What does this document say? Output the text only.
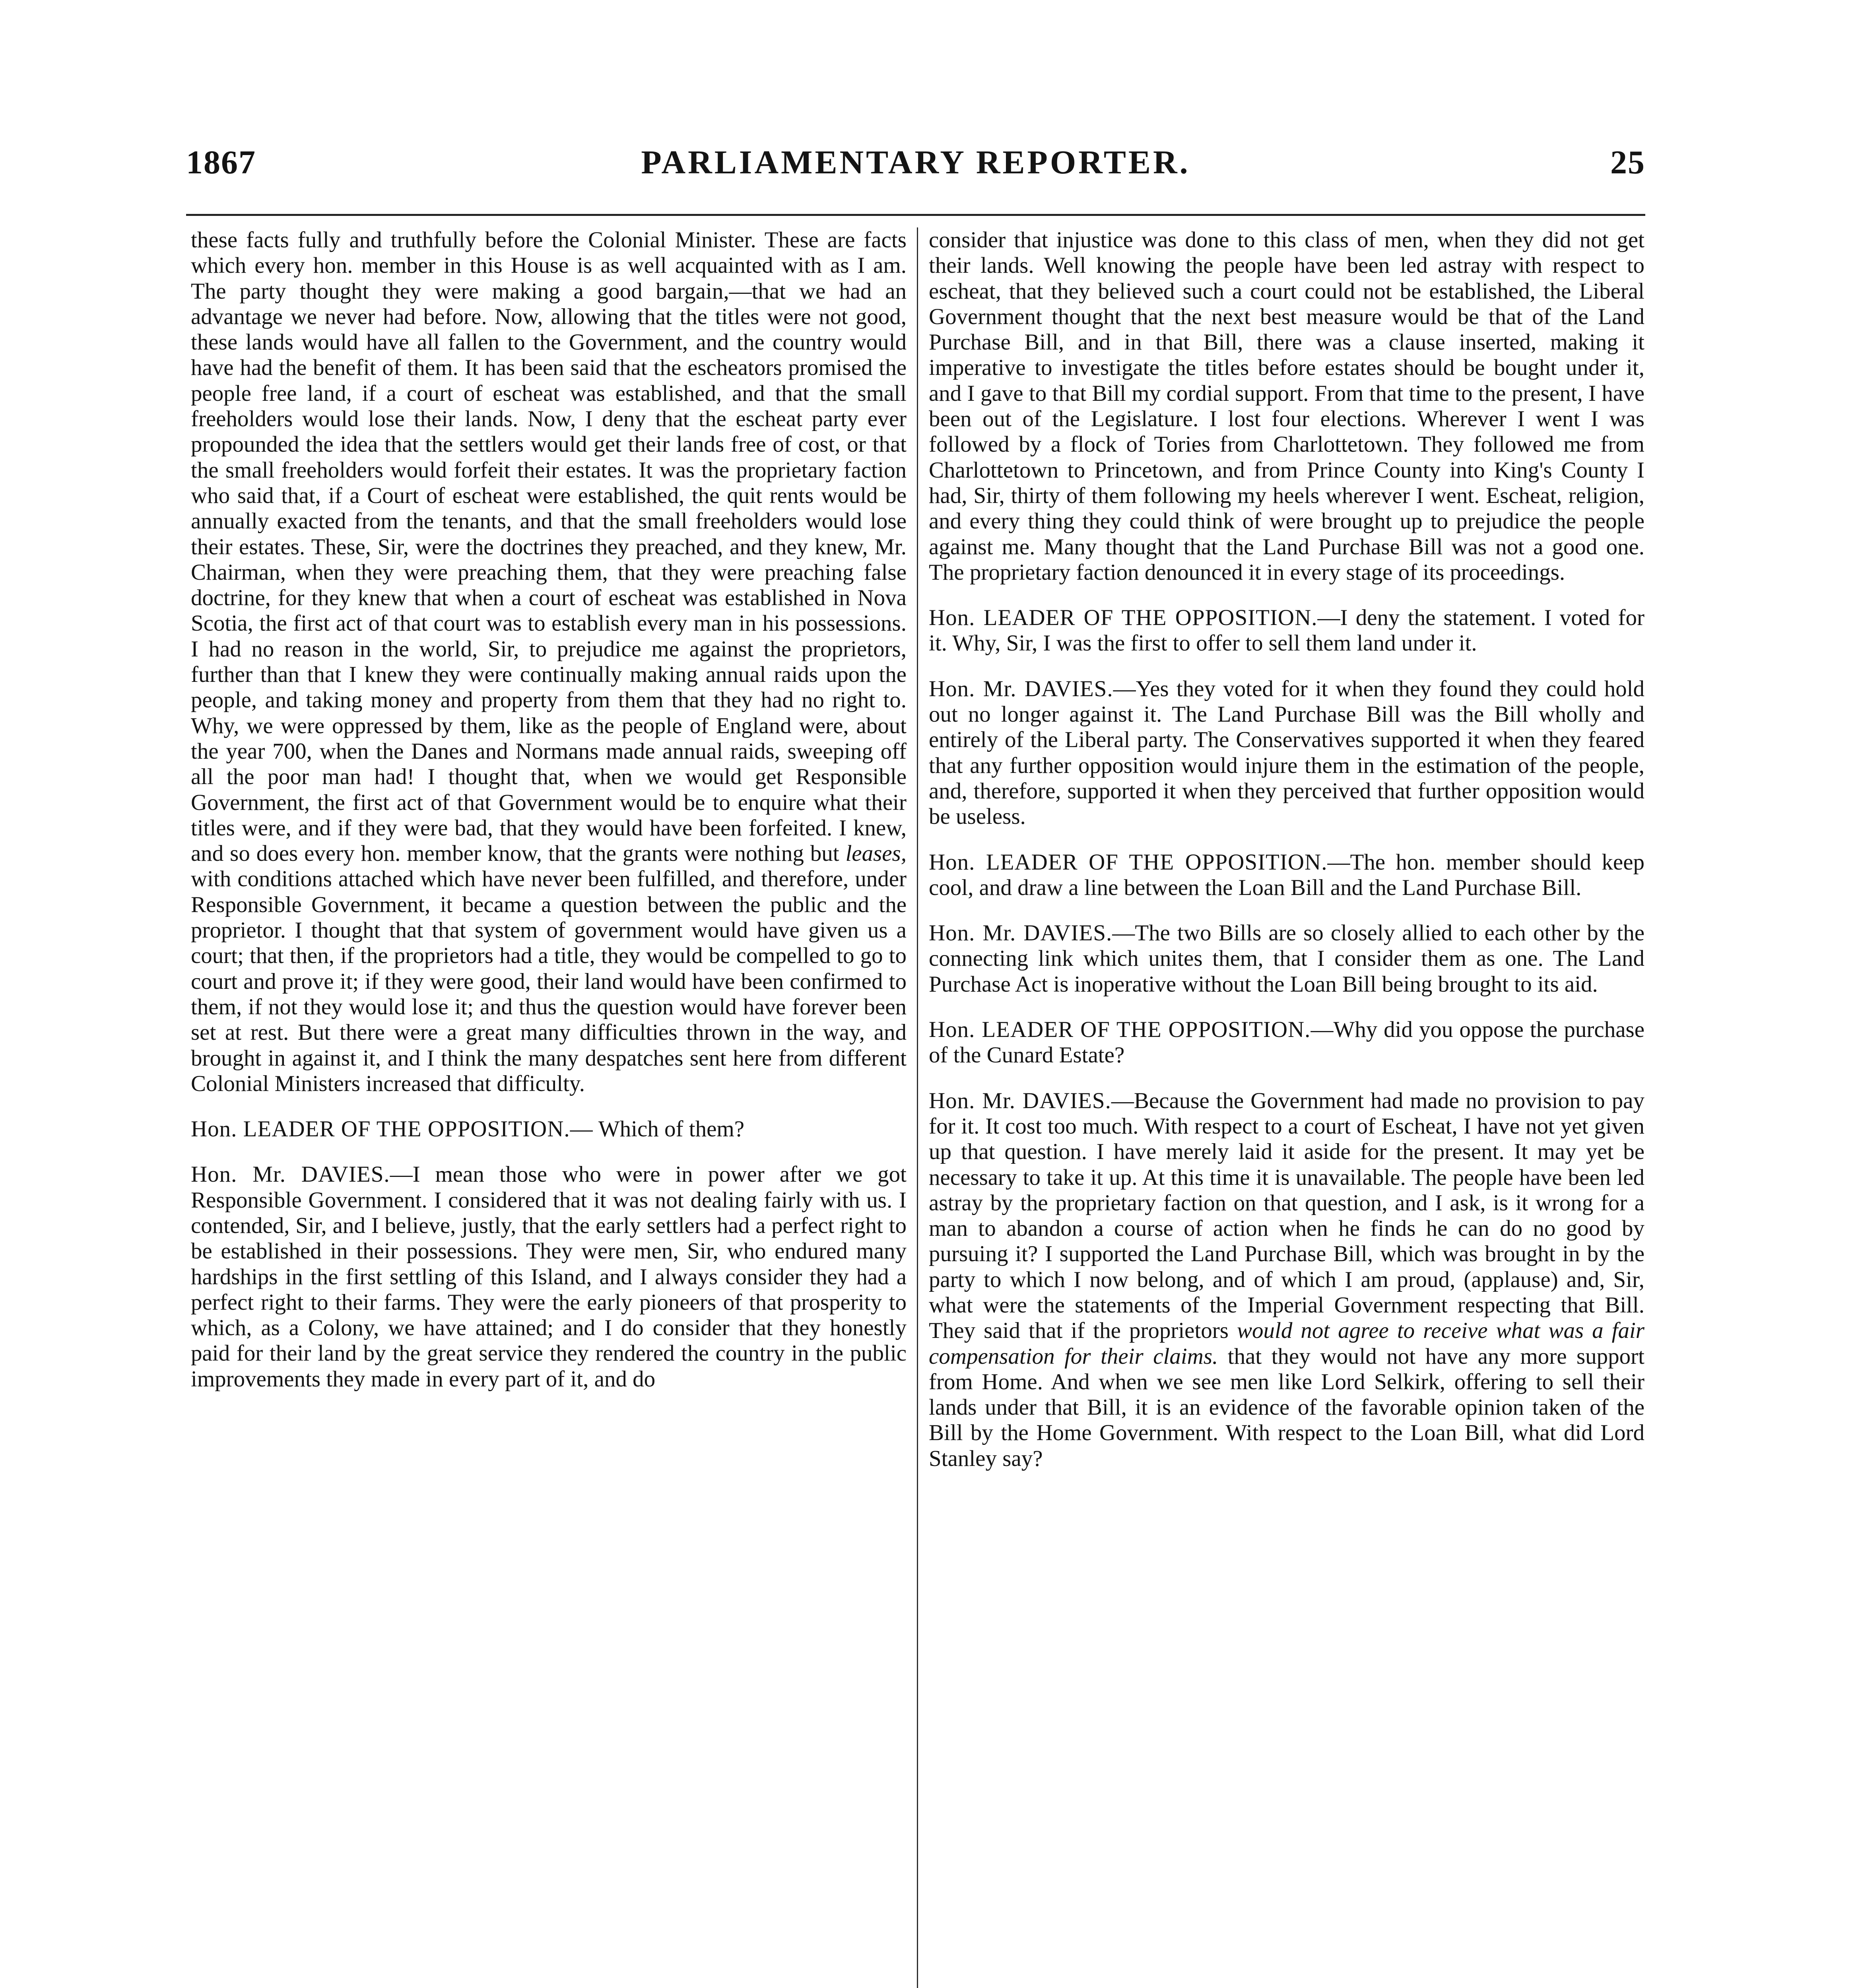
PARLIAMENTARY REPORTER.
1867	25

these facts fully and truthfully before the Colonial Minister. These are facts which every hon. member in this House is as well acquainted with as I am. The party thought they were making a good bargain,—that we had an advantage we never had before. Now, allowing that the titles were not good, these lands would have all fallen to the Government, and the country would have had the benefit of them. It has been said that the escheators promised the people free land, if a court of escheat was established, and that the small freeholders would lose their lands. Now, I deny that the escheat party ever propounded the idea that the settlers would get their lands free of cost, or that the small freeholders would forfeit their estates. It was the proprietary faction who said that, if a Court of escheat were established, the quit rents would be annually exacted from the tenants, and that the small freeholders would lose their estates. These, Sir, were the doctrines they preached, and they knew, Mr. Chairman, when they were preaching them, that they were preaching false doctrine, for they knew that when a court of escheat was established in Nova Scotia, the first act of that court was to establish every man in his possessions. I had no reason in the world, Sir, to prejudice me against the proprietors, further than that I knew they were continually making annual raids upon the people, and taking money and property from them that they had no right to. Why, we were oppressed by them, like as the people of England were, about the year 700, when the Danes and Normans made annual raids, sweeping off all the poor man had! I thought that, when we would get Responsible Government, the first act of that Government would be to enquire what their titles were, and if they were bad, that they would have been forfeited. I knew, and so does every hon. member know, that the grants were nothing but leases, with conditions attached which have never been fulfilled, and therefore, under Responsible Government, it became a question between the public and the proprietor. I thought that that system of government would have given us a court; that then, if the proprietors had a title, they would be compelled to go to court and prove it; if they were good, their land would have been confirmed to them, if not they would lose it; and thus the question would have forever been set at rest. But there were a great many difficulties thrown in the way, and brought in against it, and I think the many despatches sent here from different Colonial Ministers increased that difficulty.

Hon. LEADER OF THE OPPOSITION.— Which of them?

Hon. Mr. DAVIES.—I mean those who were in power after we got Responsible Government. I considered that it was not dealing fairly with us. I contended, Sir, and I believe, justly, that the early settlers had a perfect right to be established in their possessions. They were men, Sir, who endured many hardships in the first settling of this Island, and I always consider they had a perfect right to their farms. They were the early pioneers of that prosperity to which, as a Colony, we have attained; and I do consider that they honestly paid for their land by the great service they rendered the country in the public improvements they made in every part of it, and do

consider that injustice was done to this class of men, when they did not get their lands. Well knowing the people have been led astray with respect to escheat, that they believed such a court could not be established, the Liberal Government thought that the next best measure would be that of the Land Purchase Bill, and in that Bill, there was a clause inserted, making it imperative to investigate the titles before estates should be bought under it, and I gave to that Bill my cordial support. From that time to the present, I have been out of the Legislature. I lost four elections. Wherever I went I was followed by a flock of Tories from Charlottetown. They followed me from Charlottetown to Princetown, and from Prince County into King's County I had, Sir, thirty of them following my heels wherever I went. Escheat, religion, and every thing they could think of were brought up to prejudice the people against me. Many thought that the Land Purchase Bill was not a good one. The proprietary faction denounced it in every stage of its proceedings.

Hon. LEADER OF THE OPPOSITION.—I deny the statement. I voted for it. Why, Sir, I was the first to offer to sell them land under it.

Hon. Mr. DAVIES.—Yes they voted for it when they found they could hold out no longer against it. The Land Purchase Bill was the Bill wholly and entirely of the Liberal party. The Conservatives supported it when they feared that any further opposition would injure them in the estimation of the people, and, therefore, supported it when they perceived that further opposition would be useless.

Hon. LEADER OF THE OPPOSITION.—The hon. member should keep cool, and draw a line between the Loan Bill and the Land Purchase Bill.

Hon. Mr. DAVIES.—The two Bills are so closely allied to each other by the connecting link which unites them, that I consider them as one. The Land Purchase Act is inoperative without the Loan Bill being brought to its aid.

Hon. LEADER OF THE OPPOSITION.—Why did you oppose the purchase of the Cunard Estate?

Hon. Mr. DAVIES.—Because the Government had made no provision to pay for it. It cost too much. With respect to a court of Escheat, I have not yet given up that question. I have merely laid it aside for the present. It may yet be necessary to take it up. At this time it is unavailable. The people have been led astray by the proprietary faction on that question, and I ask, is it wrong for a man to abandon a course of action when he finds he can do no good by pursuing it? I supported the Land Purchase Bill, which was brought in by the party to which I now belong, and of which I am proud, (applause) and, Sir, what were the statements of the Imperial Government respecting that Bill. They said that if the proprietors would not agree to receive what was a fair compensation for their claims. that they would not have any more support from Home. And when we see men like Lord Selkirk, offering to sell their lands under that Bill, it is an evidence of the favorable opinion taken of the Bill by the Home Government. With respect to the Loan Bill, what did Lord Stanley say?
